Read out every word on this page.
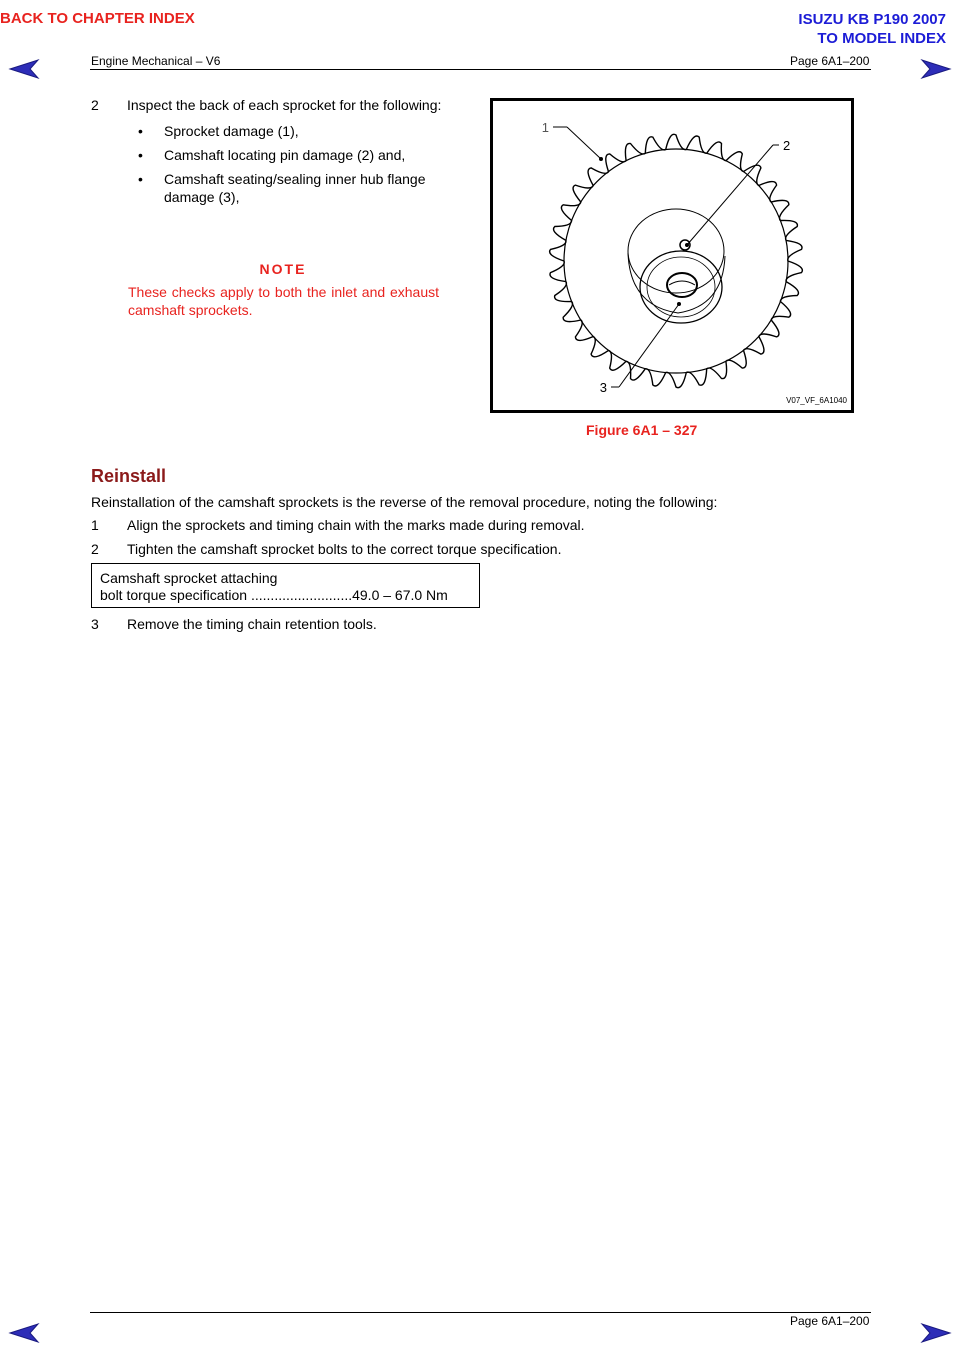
BACK TO CHAPTER INDEX	ISUZU KB P190 2007
TO MODEL INDEX
Engine Mechanical – V6	Page 6A1–200
2 Inspect the back of each sprocket for the following:
• Sprocket damage (1),
• Camshaft locating pin damage (2) and,
• Camshaft seating/sealing inner hub flange damage (3),
NOTE
These checks apply to both the inlet and exhaust camshaft sprockets.
1
2
3
V07_VF_6A1040
Figure 6A1 – 327
Reinstall
Reinstallation of the camshaft sprockets is the reverse of the removal procedure, noting the following:
1 Align the sprockets and timing chain with the marks made during removal.
2 Tighten the camshaft sprocket bolts to the correct torque specification.
Camshaft sprocket attaching
bolt torque specification ..........................49.0 – 67.0 Nm
3 Remove the timing chain retention tools.
Page 6A1–200
